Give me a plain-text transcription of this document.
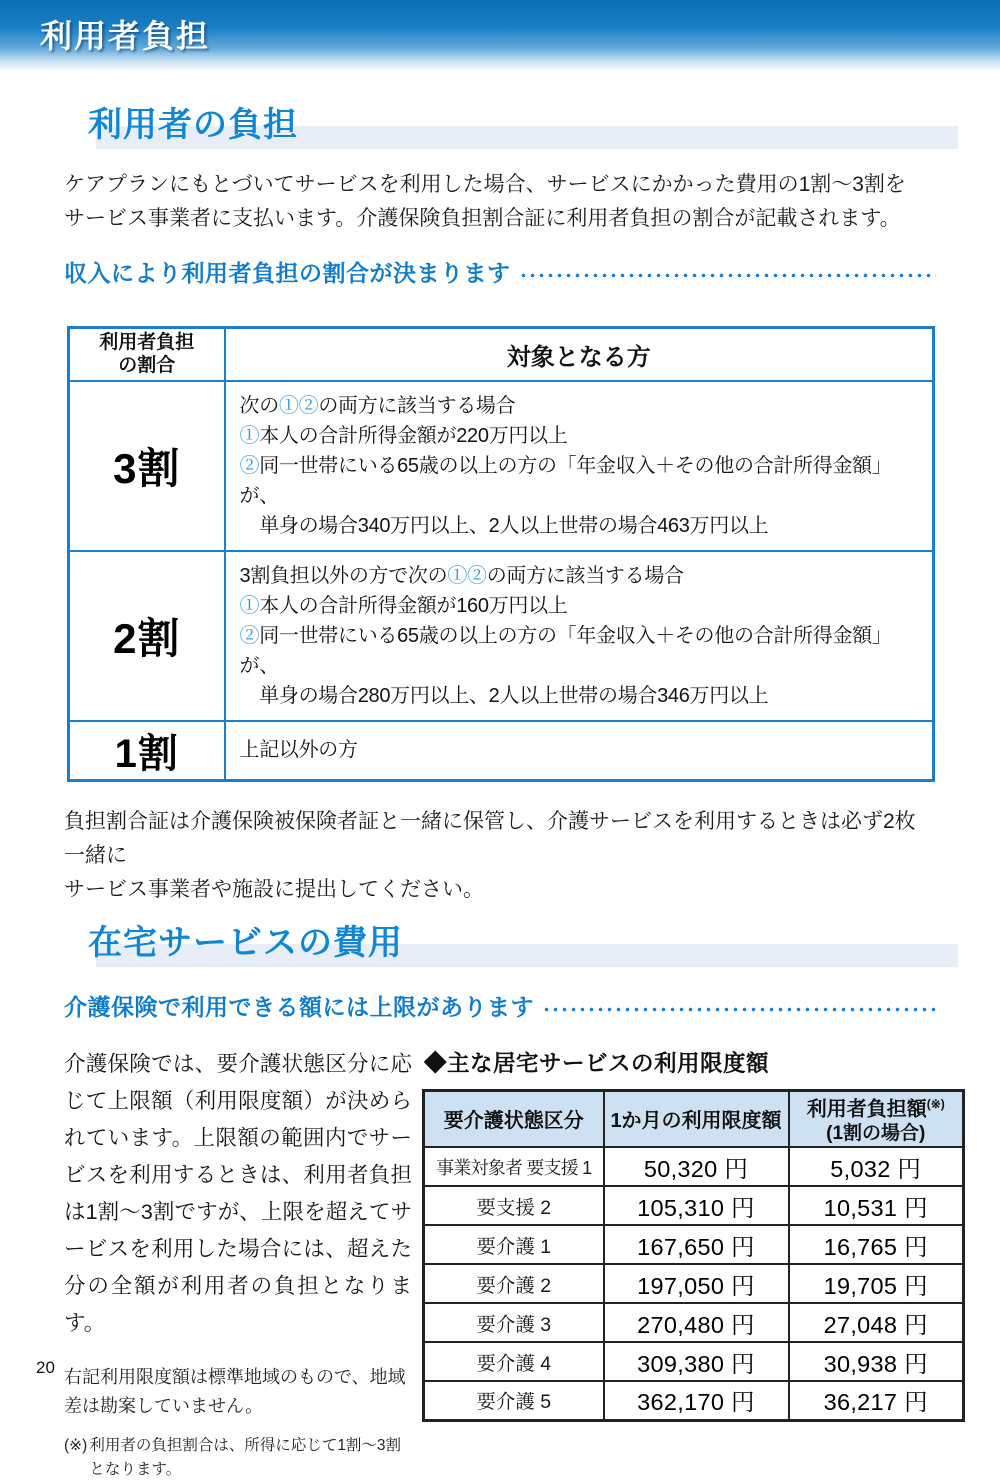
利用者負担
利用者の負担

ケアプランにもとづいてサービスを利用した場合、サービスにかかった費用の1割～3割を
サービス事業者に支払います。介護保険負担割合証に利用者負担の割合が記載されます。

収入により利用者負担の割合が決まります
利用者負担
の割合	対象となる方
3割	次の①②の両方に該当する場合
①本人の合計所得金額が220万円以上
②同一世帯にいる65歳の以上の方の「年金収入＋その他の合計所得金額」が、
　単身の場合340万円以上、2人以上世帯の場合463万円以上

2割	3割負担以外の方で次の①②の両方に該当する場合
①本人の合計所得金額が160万円以上
②同一世帯にいる65歳の以上の方の「年金収入＋その他の合計所得金額」が、
　単身の場合280万円以上、2人以上世帯の場合346万円以上

1割	上記以外の方

負担割合証は介護保険被保険者証と一緒に保管し、介護サービスを利用するときは必ず2枚一緒に
サービス事業者や施設に提出してください。

在宅サービスの費用
介護保険で利用できる額には上限があります

介護保険では、要介護状態区分に応じて上限額（利用限度額）が決められています。上限額の範囲内でサービスを利用するときは、利用者負担は1割～3割ですが、上限を超えてサービスを利用した場合には、超えた分の全額が利用者の負担となります。

右記利用限度額は標準地域のもので、地域差は勘案していません。

(※) 利用者の負担割合は、所得に応じて1割～3割となります。
◆主な居宅サービスの利用限度額
要介護状態区分	1か月の利用限度額	利用者負担額(※)
(1割の場合)

事業対象者 要支援 1	50,320 円	5,032 円
要支援 2	105,310 円	10,531 円
要介護 1	167,650 円	16,765 円
要介護 2	197,050 円	19,705 円
要介護 3	270,480 円	27,048 円
要介護 4	309,380 円	30,938 円
要介護 5	362,170 円	36,217 円
20
